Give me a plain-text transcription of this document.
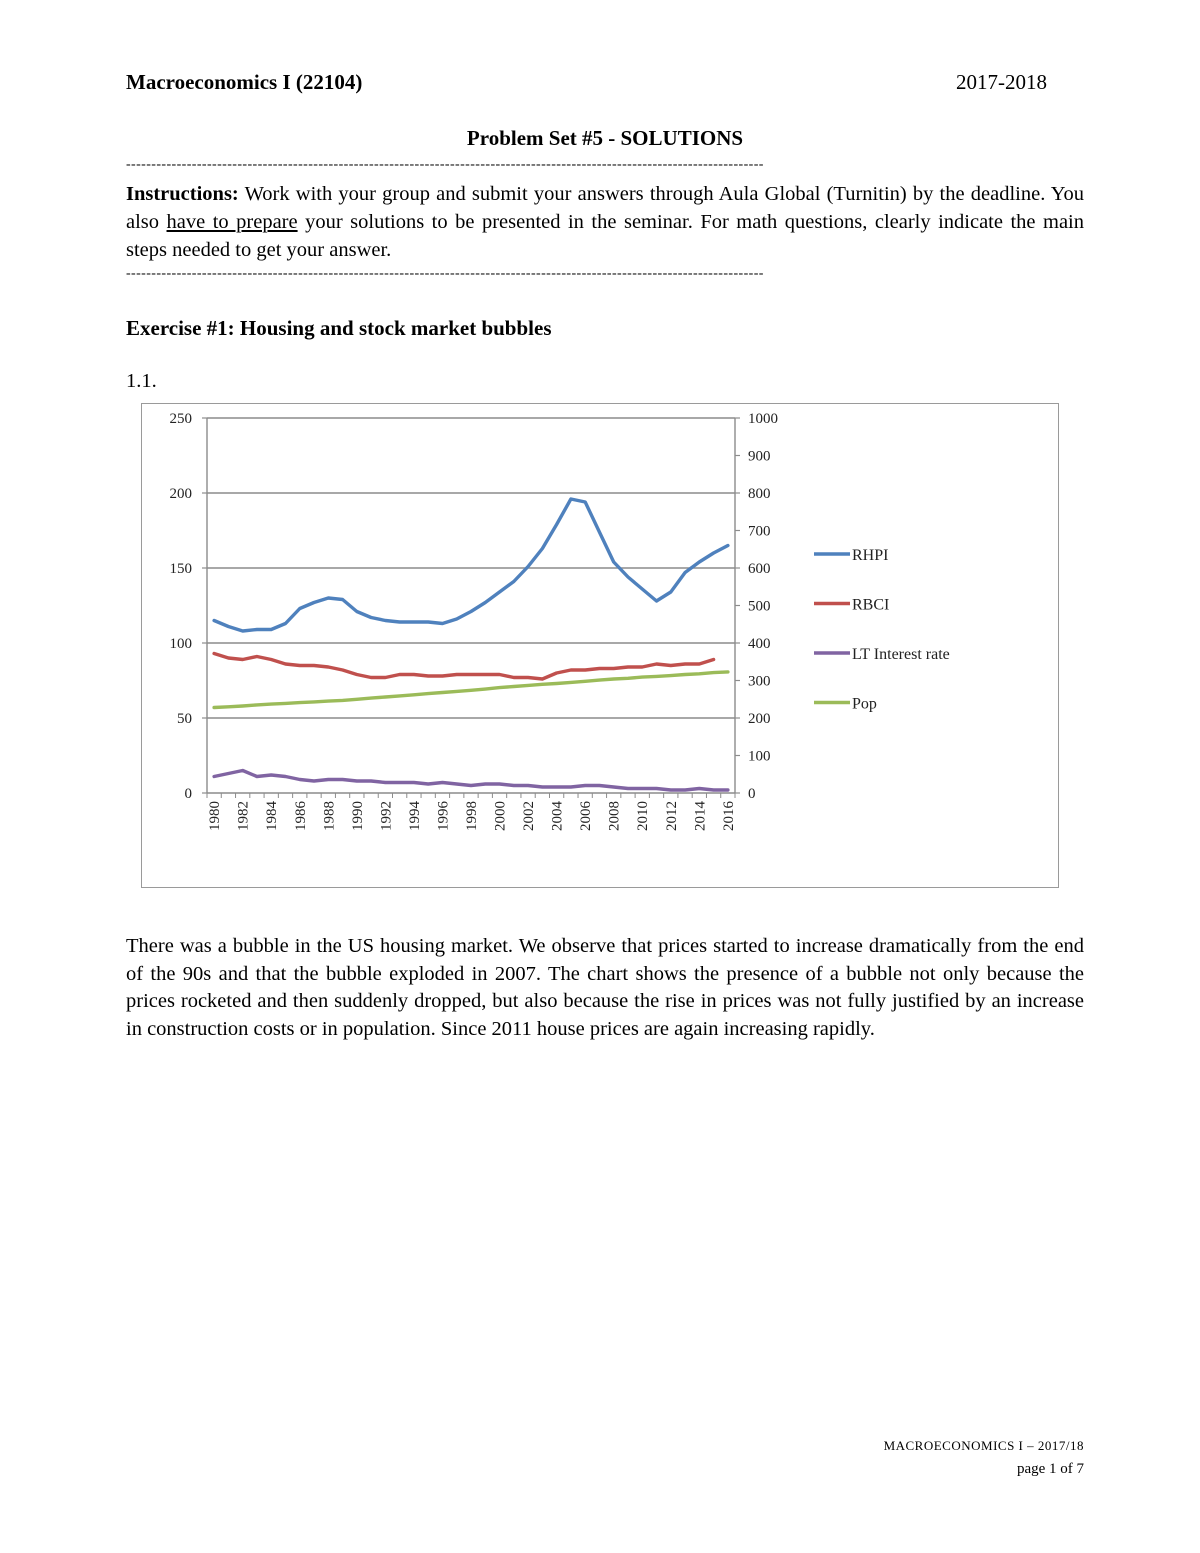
Macroeconomics I (22104)	2017-2018
Problem Set #5 - SOLUTIONS
------------------------------------------------------------------------------------------------------------------------------
Instructions: Work with your group and submit your answers through Aula Global (Turnitin) by the deadline. You also have to prepare your solutions to be presented in the seminar. For math questions, clearly indicate the main steps needed to get your answer.
------------------------------------------------------------------------------------------------------------------------------
Exercise #1: Housing and stock market bubbles
1.1.
0
50
100
150
200
250
0
100
200
300
400
500
600
700
800
900
1000
1980 1982 1984 1986 1988 1990 1992 1994 1996 1998 2000 2002 2004 2006 2008 2010 2012 2014 2016
RHPI
RBCI
LT Interest rate
Pop
There was a bubble in the US housing market. We observe that prices started to increase dramatically from the end of the 90s and that the bubble exploded in 2007. The chart shows the presence of a bubble not only because the prices rocketed and then suddenly dropped, but also because the rise in prices was not fully justified by an increase in construction costs or in population. Since 2011 house prices are again increasing rapidly.
MACROECONOMICS I – 2017/18
page 1 of 7
